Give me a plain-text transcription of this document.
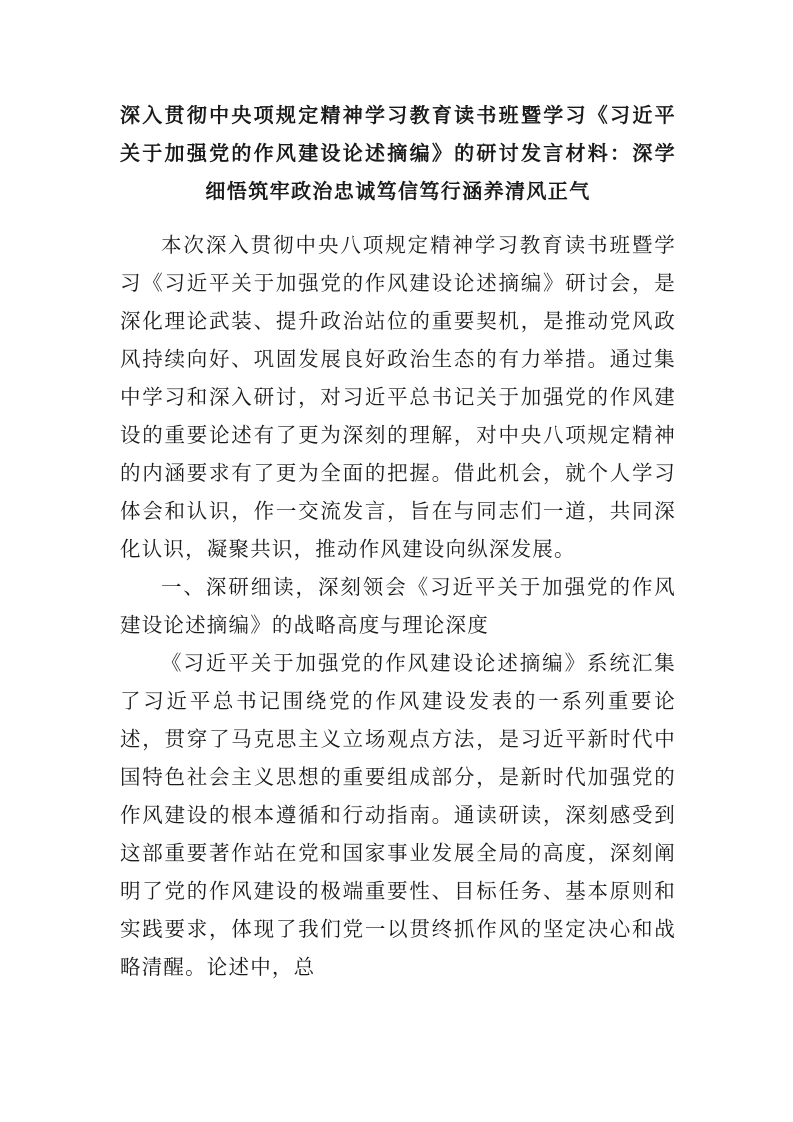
深入贯彻中央项规定精神学习教育读书班暨学习《习近平关于加强党的作风建设论述摘编》的研讨发言材料：深学细悟筑牢政治忠诚笃信笃行涵养清风正气

本次深入贯彻中央八项规定精神学习教育读书班暨学习《习近平关于加强党的作风建设论述摘编》研讨会，是深化理论武装、提升政治站位的重要契机，是推动党风政风持续向好、巩固发展良好政治生态的有力举措。通过集中学习和深入研讨，对习近平总书记关于加强党的作风建设的重要论述有了更为深刻的理解，对中央八项规定精神的内涵要求有了更为全面的把握。借此机会，就个人学习体会和认识，作一交流发言，旨在与同志们一道，共同深化认识，凝聚共识，推动作风建设向纵深发展。

一、深研细读，深刻领会《习近平关于加强党的作风建设论述摘编》的战略高度与理论深度

《习近平关于加强党的作风建设论述摘编》系统汇集了习近平总书记围绕党的作风建设发表的一系列重要论述，贯穿了马克思主义立场观点方法，是习近平新时代中国特色社会主义思想的重要组成部分，是新时代加强党的作风建设的根本遵循和行动指南。通读研读，深刻感受到这部重要著作站在党和国家事业发展全局的高度，深刻阐明了党的作风建设的极端重要性、目标任务、基本原则和实践要求，体现了我们党一以贯终抓作风的坚定决心和战略清醒。论述中，总
